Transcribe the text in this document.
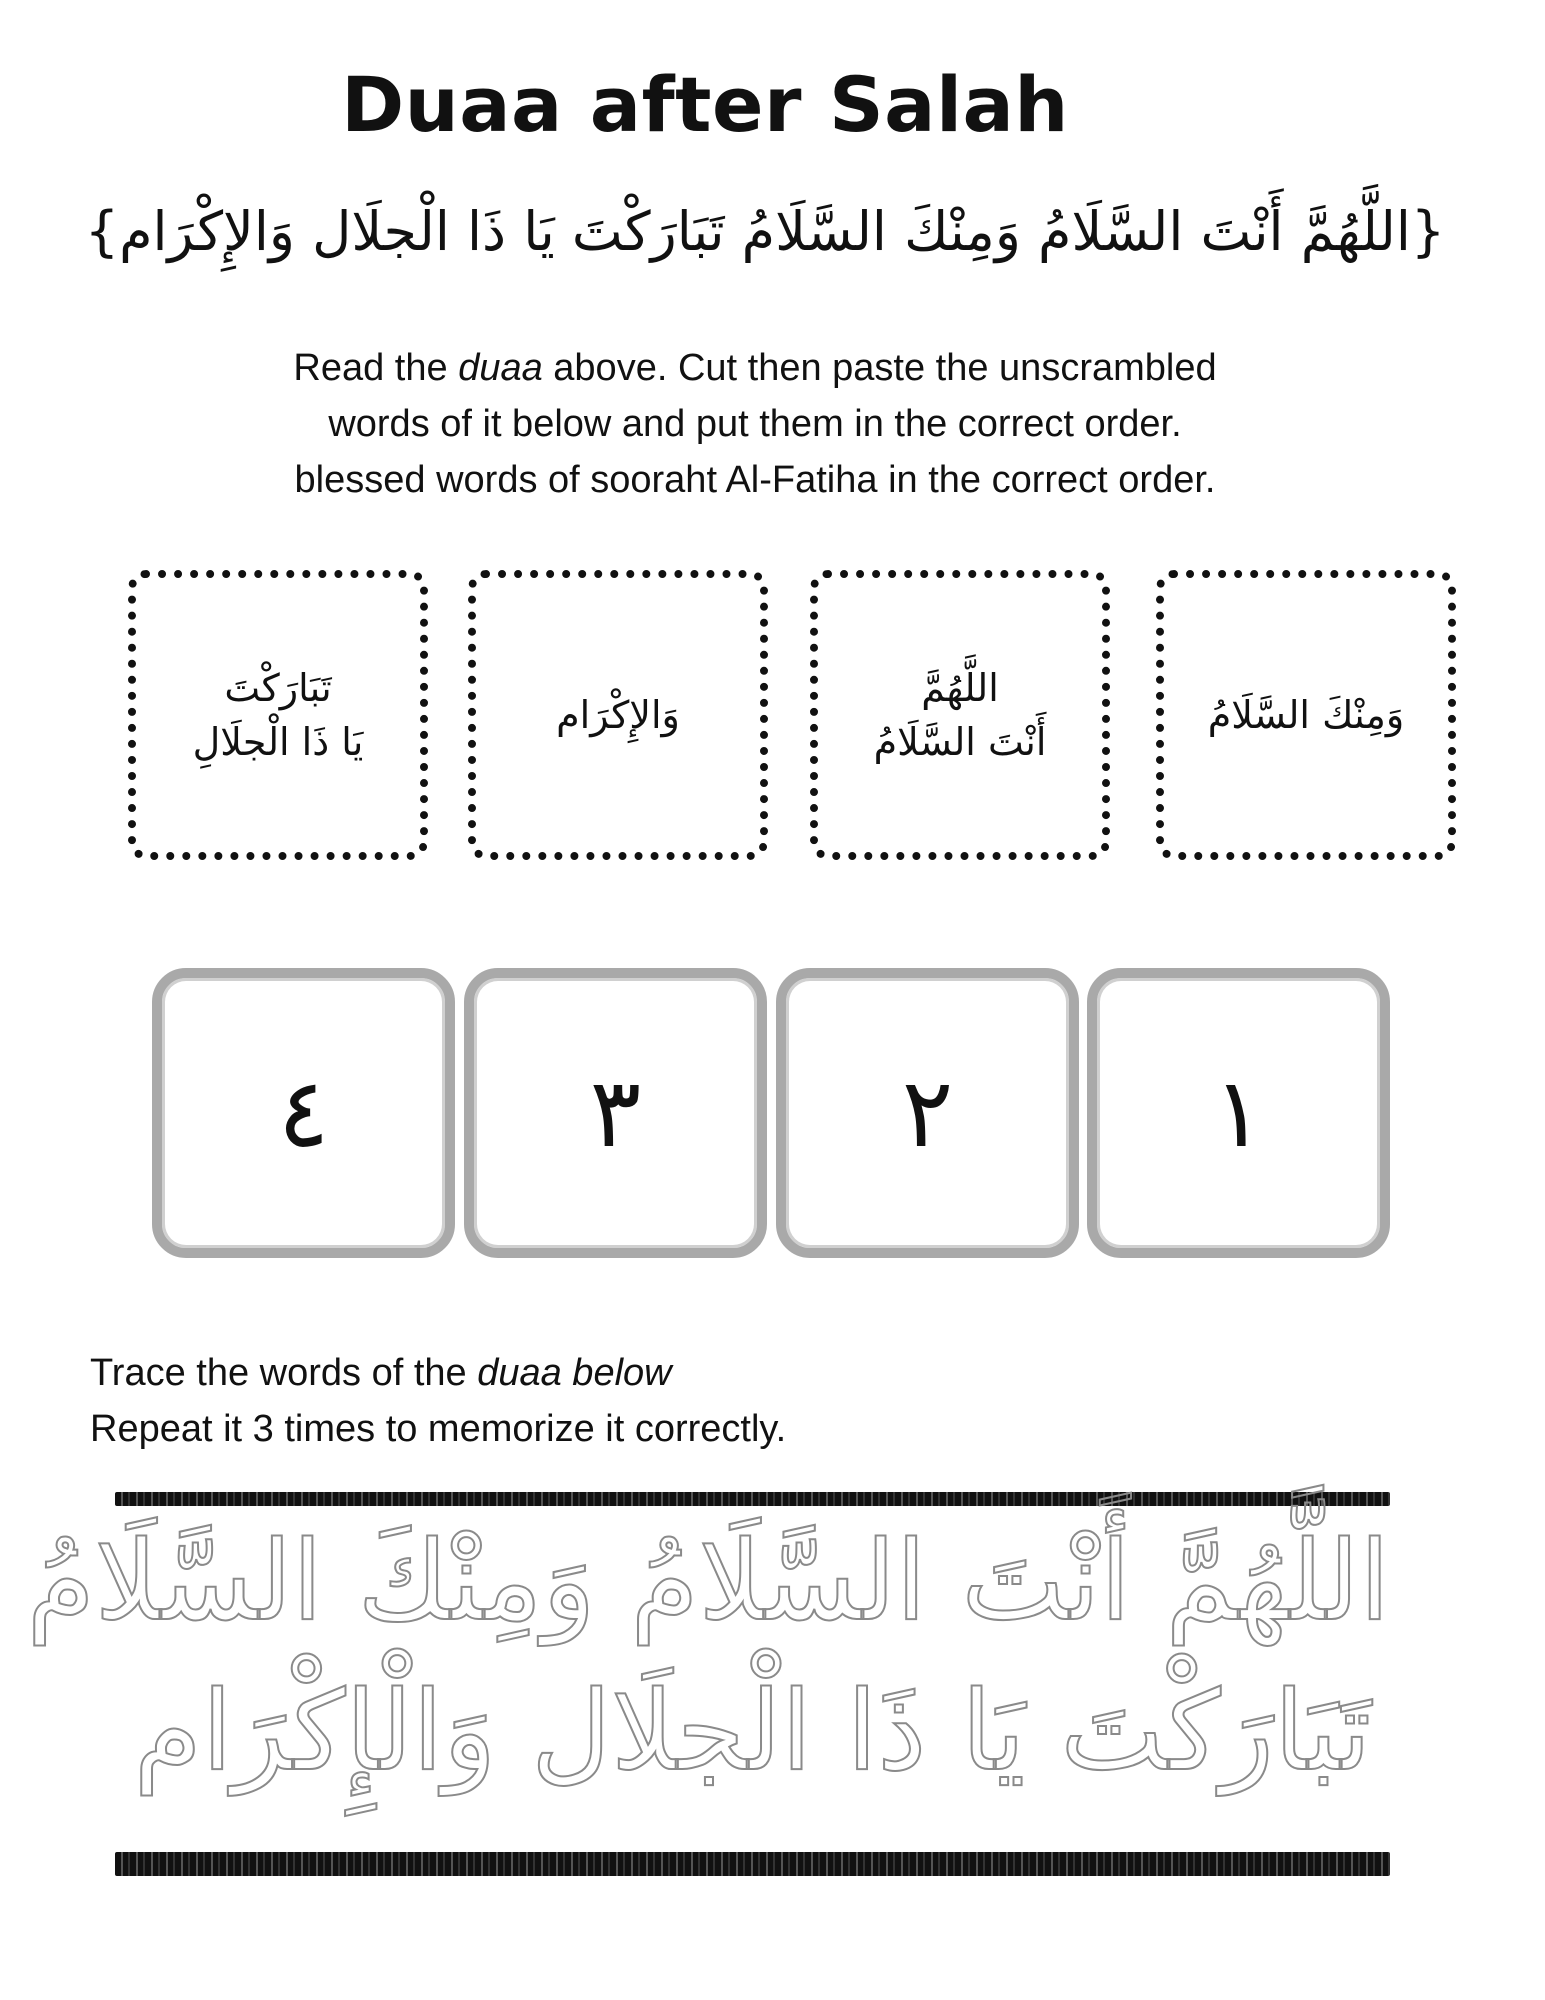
Duaa after Salah
{اللَّهُمَّ أَنْتَ السَّلَامُ وَمِنْكَ السَّلَامُ تَبَارَكْتَ يَا ذَا الْجلَال وَالإِكْرَام}
Read the duaa above. Cut then paste the unscrambled
words of it below and put them in the correct order.
blessed words of sooraht Al-Fatiha in the correct order.
تَبَارَكْتَ
يَا ذَا الْجلَالِ
وَالإِكْرَام
اللَّهُمَّ
أَنْتَ السَّلَامُ
وَمِنْكَ السَّلَامُ
٤	٣	٢	١
Trace the words of the duaa below
Repeat it 3 times to memorize it correctly.
اللَّهُمَّ أَنْتَ السَّلَامُ وَمِنْكَ السَّلَامُ
تَبَارَكْتَ يَا ذَا الْجلَال وَالْإِكْرَام
